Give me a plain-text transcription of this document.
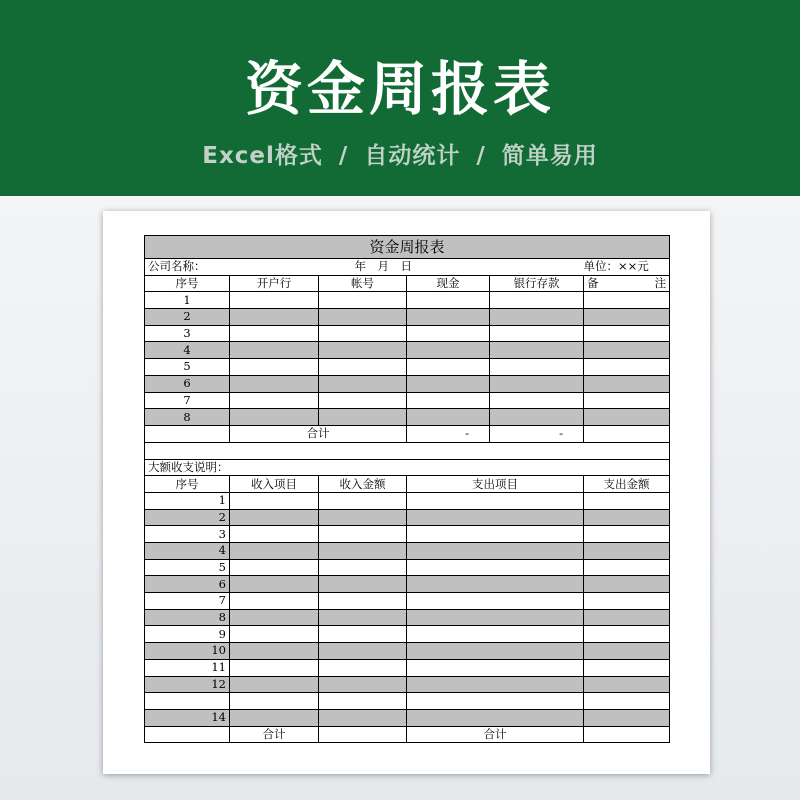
资金周报表
Excel格式 / 自动统计 / 简单易用
资金周报表					
公司名称：		年　月　日			单位：××元
序号	开户行	帐号	现金	银行存款	备　　注
1					
2					
3					
4					
5					
6					
7					
8					
	合计		-	-	

大额收支说明：					
序号	收入项目	收入金额	支出项目	支出金额
1				
2				
3				
4				
5				
6				
7				
8				
9				
10				
11				
12				

14				
	合计		合计	
